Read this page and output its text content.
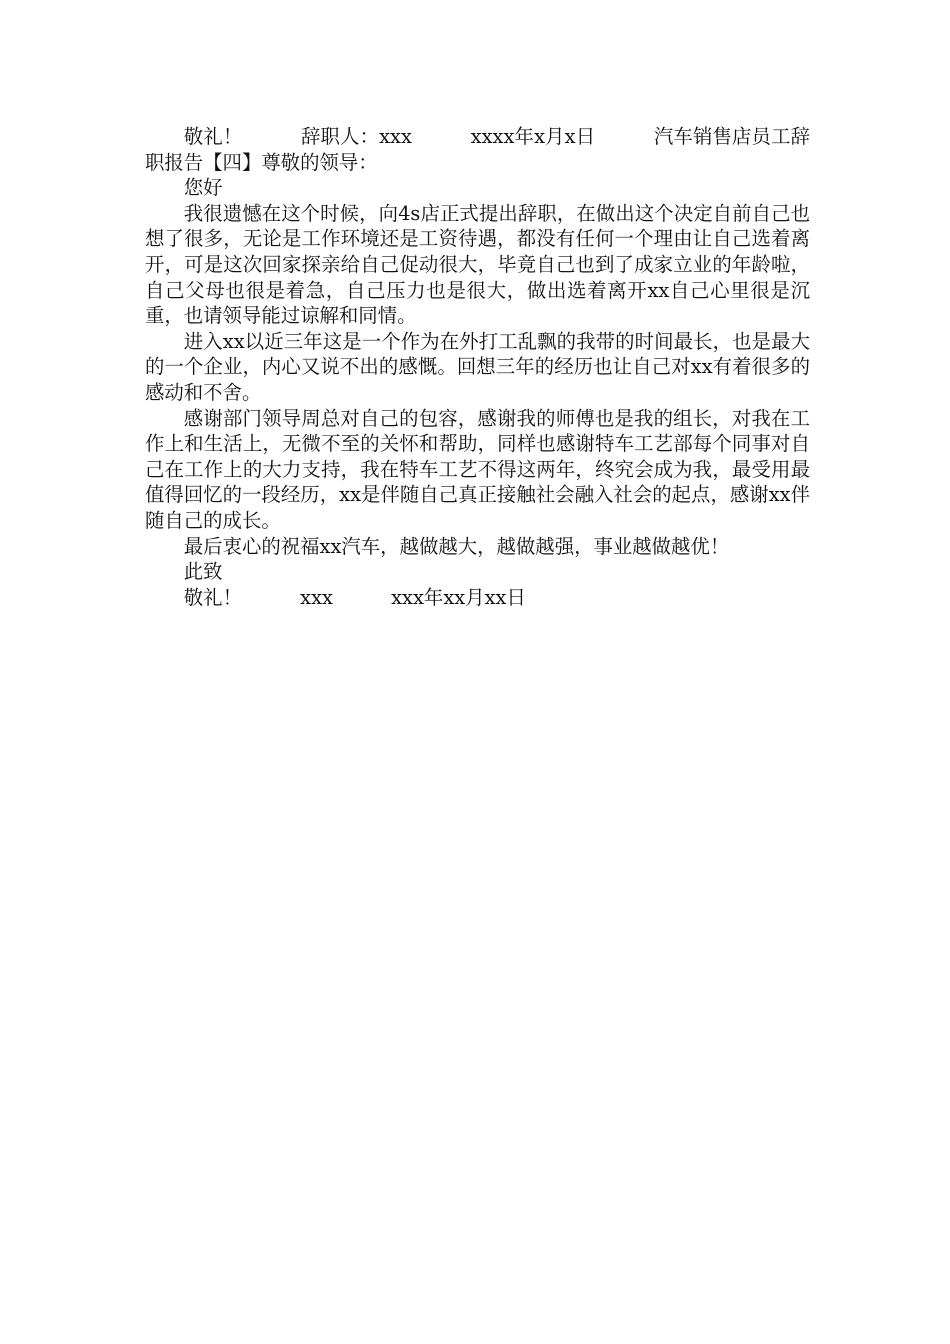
敬礼！　　　辞职人：xxx　　　xxxx年x月x日　　　汽车销售店员工辞职报告【四】尊敬的领导：

您好

我很遗憾在这个时候，向4s店正式提出辞职，在做出这个决定自前自己也想了很多，无论是工作环境还是工资待遇，都没有任何一个理由让自己选着离开，可是这次回家探亲给自己促动很大，毕竟自己也到了成家立业的年龄啦，自己父母也很是着急，自己压力也是很大，做出选着离开xx自己心里很是沉重，也请领导能过谅解和同情。

进入xx以近三年这是一个作为在外打工乱飘的我带的时间最长，也是最大的一个企业，内心又说不出的感慨。回想三年的经历也让自己对xx有着很多的感动和不舍。

感谢部门领导周总对自己的包容，感谢我的师傅也是我的组长，对我在工作上和生活上，无微不至的关怀和帮助，同样也感谢特车工艺部每个同事对自己在工作上的大力支持，我在特车工艺不得这两年，终究会成为我，最受用最值得回忆的一段经历，xx是伴随自己真正接触社会融入社会的起点，感谢xx伴随自己的成长。

最后衷心的祝福xx汽车，越做越大，越做越强，事业越做越优！

此致

敬礼！　　　xxx　　　xxx年xx月xx日
